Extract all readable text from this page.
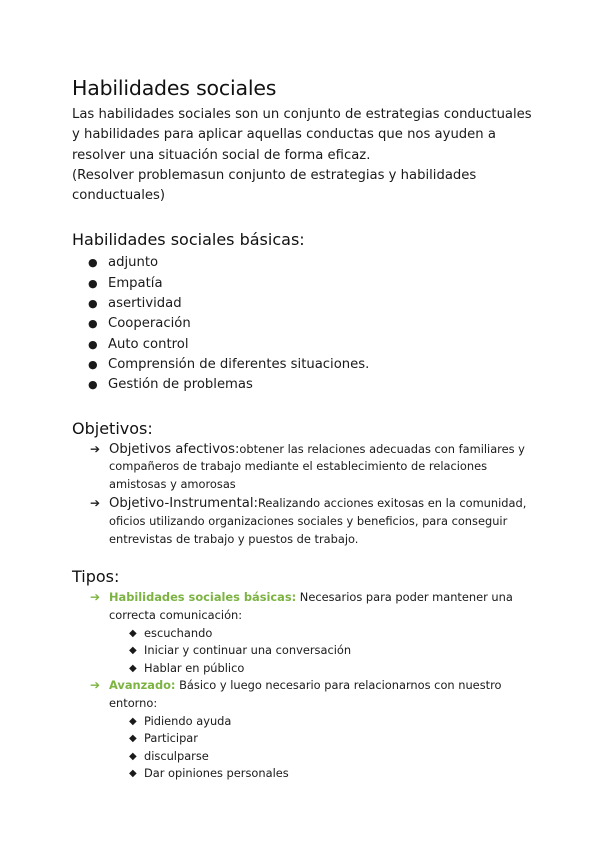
Habilidades sociales

Las habilidades sociales son un conjunto de estrategias conductuales y habilidades para aplicar aquellas conductas que nos ayuden a resolver una situación social de forma eficaz.

(Resolver problemasun conjunto de estrategias y habilidades conductuales)

Habilidades sociales básicas:
● adjunto
● Empatía
● asertividad
● Cooperación
● Auto control
● Comprensión de diferentes situaciones.
● Gestión de problemas
Objetivos:
➔ Objetivos afectivos:obtener las relaciones adecuadas con familiares y compañeros de trabajo mediante el establecimiento de relaciones amistosas y amorosas
➔ Objetivo-Instrumental:Realizando acciones exitosas en la comunidad, oficios utilizando organizaciones sociales y beneficios, para conseguir entrevistas de trabajo y puestos de trabajo.
Tipos:
➔ Habilidades sociales básicas: Necesarios para poder mantener una correcta comunicación:
◆ escuchando
◆ Iniciar y continuar una conversación
◆ Hablar en público
➔ Avanzado: Básico y luego necesario para relacionarnos con nuestro entorno:
◆ Pidiendo ayuda
◆ Participar
◆ disculparse
◆ Dar opiniones personales
